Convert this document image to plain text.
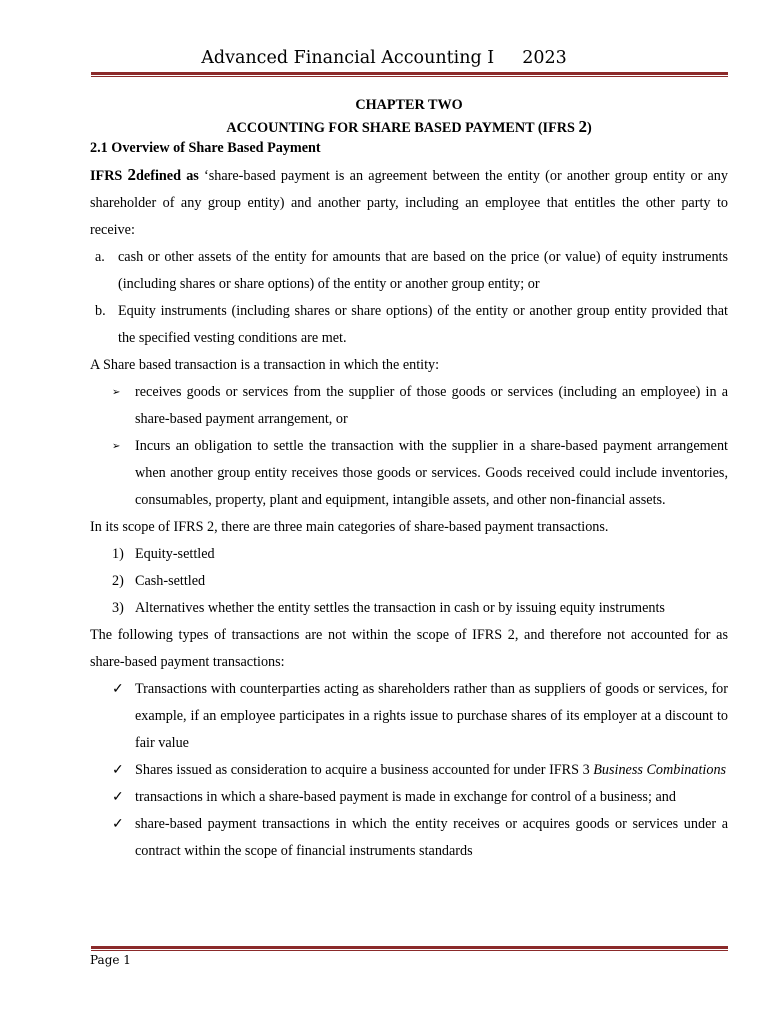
Advanced Financial Accounting I 2023
CHAPTER TWO
ACCOUNTING FOR SHARE BASED PAYMENT (IFRS 2)
2.1 Overview of Share Based Payment
IFRS 2defined as ‘share-based payment is an agreement between the entity (or another group entity or any shareholder of any group entity) and another party, including an employee that entitles the other party to receive:
a. cash or other assets of the entity for amounts that are based on the price (or value) of equity instruments (including shares or share options) of the entity or another group entity; or
b. Equity instruments (including shares or share options) of the entity or another group entity provided that the specified vesting conditions are met.
A Share based transaction is a transaction in which the entity:
➢	receives goods or services from the supplier of those goods or services (including an employee) in a share-based payment arrangement, or
➢	Incurs an obligation to settle the transaction with the supplier in a share-based payment arrangement when another group entity receives those goods or services. Goods received could include inventories, consumables, property, plant and equipment, intangible assets, and other non-financial assets.
In its scope of IFRS 2, there are three main categories of share-based payment transactions.
1) Equity-settled
2) Cash-settled
3) Alternatives whether the entity settles the transaction in cash or by issuing equity instruments
The following types of transactions are not within the scope of IFRS 2, and therefore not accounted for as share-based payment transactions:
✓ Transactions with counterparties acting as shareholders rather than as suppliers of goods or services, for example, if an employee participates in a rights issue to purchase shares of its employer at a discount to fair value
✓ Shares issued as consideration to acquire a business accounted for under IFRS 3 Business Combinations
✓ transactions in which a share-based payment is made in exchange for control of a business; and
✓ share-based payment transactions in which the entity receives or acquires goods or services under a contract within the scope of financial instruments standards
Page 1
